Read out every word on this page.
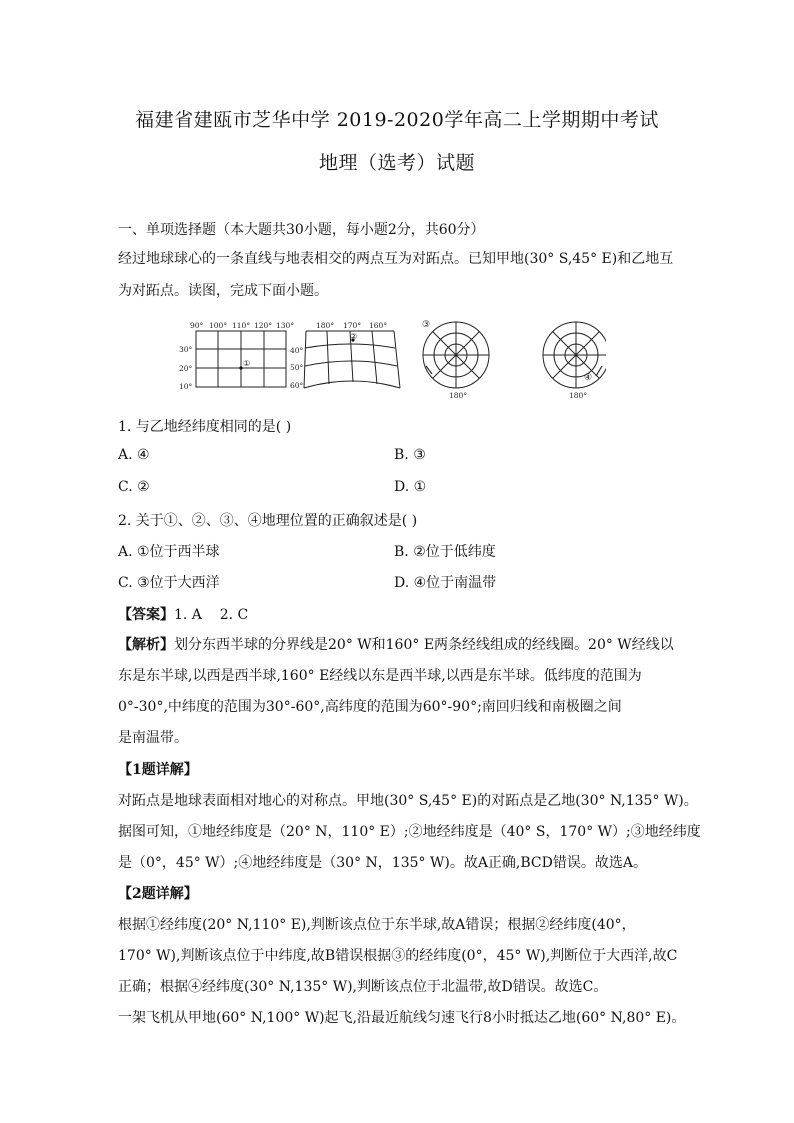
福建省建瓯市芝华中学 2019-2020学年高二上学期期中考试
地理（选考）试题
一、单项选择题（本大题共30小题，每小题2分，共60分）
经过地球球心的一条直线与地表相交的两点互为对跖点。已知甲地(30° S,45° E)和乙地互
为对跖点。读图，完成下面小题。
90° 100° 110° 120° 130°
30°
20°
10°
①
180° 170° 160°
40°
50°
60°
②
180°
③
180°
④
1. 与乙地经纬度相同的是( )
A. ④	B. ③
C. ②	D. ①
2. 关于①、②、③、④地理位置的正确叙述是( )
A. ①位于西半球	B. ②位于低纬度
C. ③位于大西洋	D. ④位于南温带
【答案】1. A    2. C
【解析】划分东西半球的分界线是20° W和160° E两条经线组成的经线圈。20° W经线以
东是东半球,以西是西半球,160° E经线以东是西半球,以西是东半球。低纬度的范围为
0°-30°,中纬度的范围为30°-60°,高纬度的范围为60°-90°;南回归线和南极圈之间
是南温带。
【1题详解】
对跖点是地球表面相对地心的对称点。甲地(30° S,45° E)的对跖点是乙地(30° N,135° W)。
据图可知，①地经纬度是（20° N，110° E）;②地经纬度是（40° S，170° W）;③地经纬度
是（0°，45° W）;④地经纬度是（30° N，135° W)。故A正确,BCD错误。故选A。
【2题详解】
根据①经纬度(20° N,110° E),判断该点位于东半球,故A错误；根据②经纬度(40°，
170° W),判断该点位于中纬度,故B错误根据③的经纬度(0°，45° W),判断位于大西洋,故C
正确；根据④经纬度(30° N,135° W),判断该点位于北温带,故D错误。故选C。
一架飞机从甲地(60° N,100° W)起飞,沿最近航线匀速飞行8小时抵达乙地(60° N,80° E)。
